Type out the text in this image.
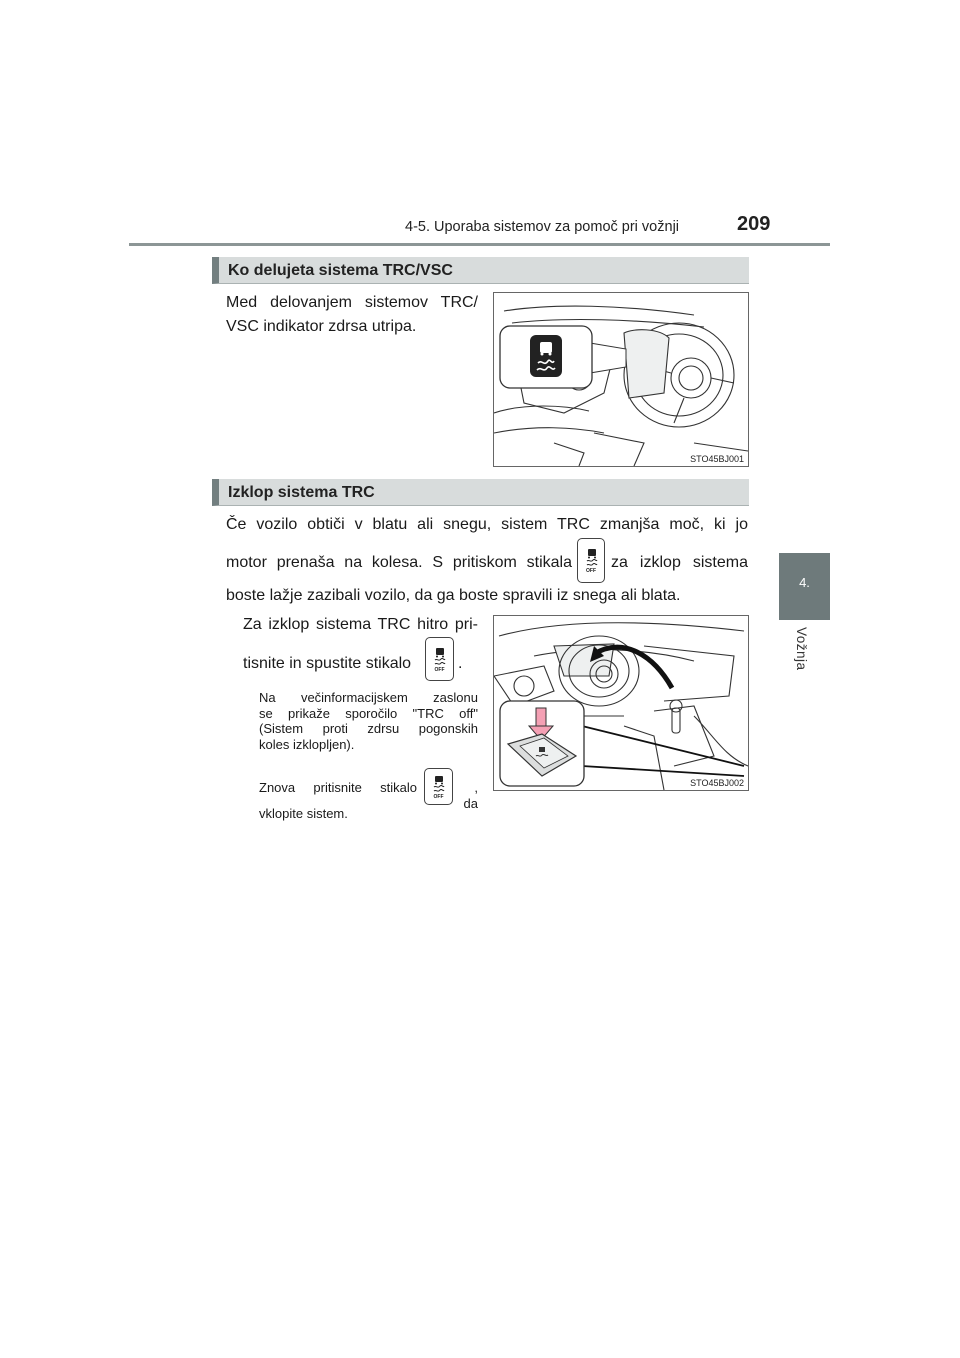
4-5. Uporaba sistemov za pomoč pri vožnji	209
4.
Vožnja
Ko delujeta sistema TRC/VSC
Med delovanjem sistemov TRC/
VSC indikator zdrsa utripa.
STO45BJ001
Izklop sistema TRC
Če vozilo obtiči v blatu ali snegu, sistem TRC zmanjša moč, ki jo
motor prenaša na kolesa. S pritiskom stikala	OFF za izklop sistema
boste lažje zazibali vozilo, da ga boste spravili iz snega ali blata.
Za izklop sistema TRC hitro pri-
tisnite in spustite stikalo	OFF .
Na večinformacijskem zaslonu
se prikaže sporočilo "TRC off"
(Sistem proti zdrsu pogonskih
koles izklopljen).
Znova pritisnite stikalo
OFF
, da
vklopite sistem.
STO45BJ002
